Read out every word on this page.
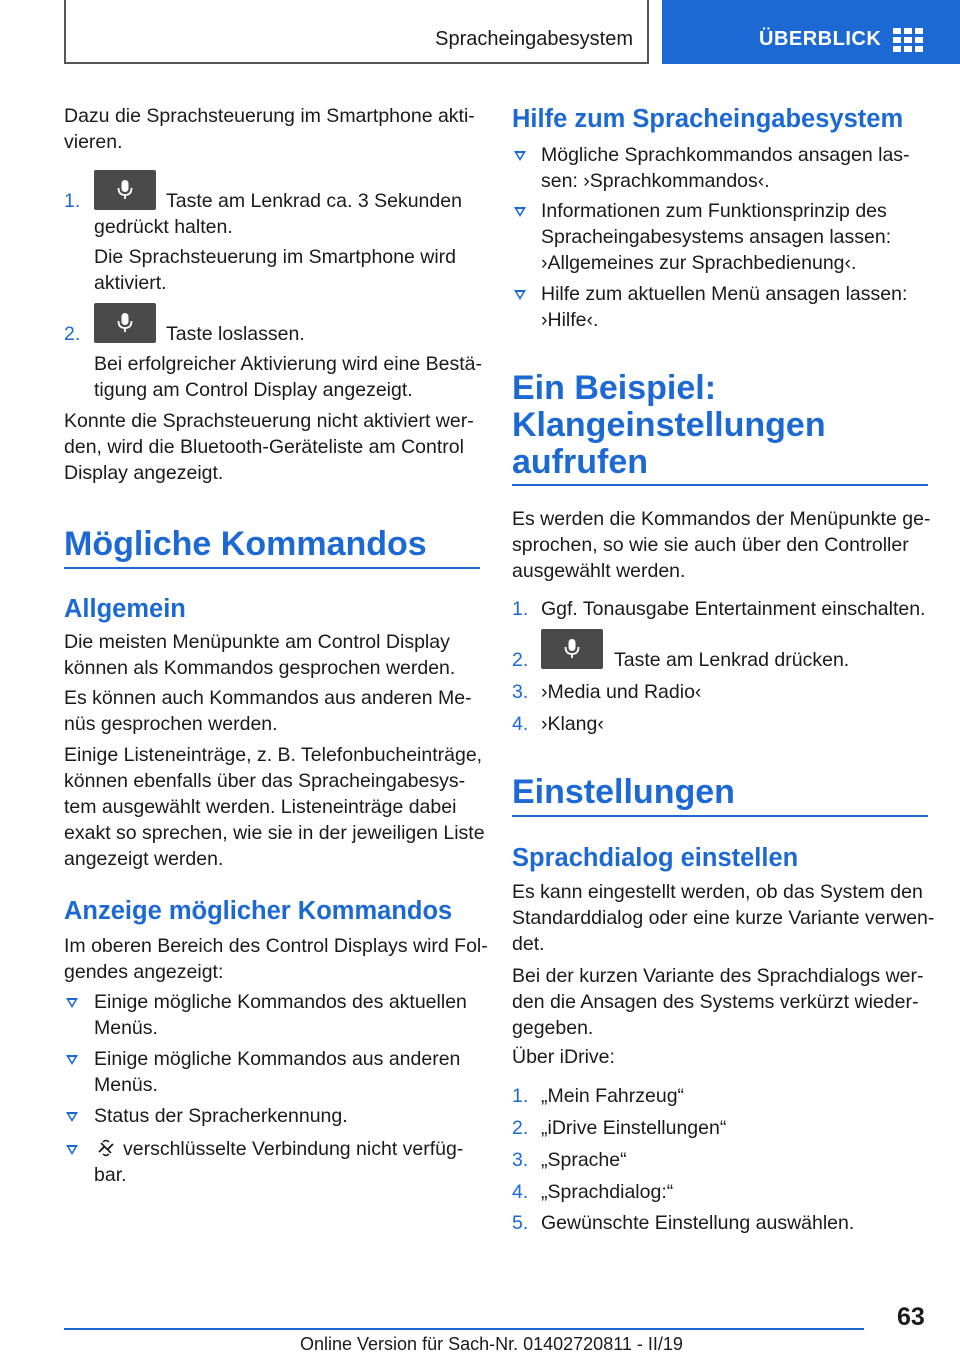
Spracheingabesystem	ÜBERBLICK
Dazu die Sprachsteuerung im Smartphone akti-
vieren.
1.	Taste am Lenkrad ca. 3 Sekunden
gedrückt halten.
Die Sprachsteuerung im Smartphone wird
aktiviert.
2.	Taste loslassen.
Bei erfolgreicher Aktivierung wird eine Bestä-
tigung am Control Display angezeigt.
Konnte die Sprachsteuerung nicht aktiviert wer-
den, wird die Bluetooth-Geräteliste am Control
Display angezeigt.
Mögliche Kommandos
Allgemein
Die meisten Menüpunkte am Control Display
können als Kommandos gesprochen werden.
Es können auch Kommandos aus anderen Me-
nüs gesprochen werden.
Einige Listeneinträge, z. B. Telefonbucheinträge,
können ebenfalls über das Spracheingabesys-
tem ausgewählt werden. Listeneinträge dabei
exakt so sprechen, wie sie in der jeweiligen Liste
angezeigt werden.
Anzeige möglicher Kommandos
Im oberen Bereich des Control Displays wird Fol-
gendes angezeigt:
Einige mögliche Kommandos des aktuellen
Menüs.
Einige mögliche Kommandos aus anderen
Menüs.
Status der Spracherkennung.
verschlüsselte Verbindung nicht verfüg-
bar.
Hilfe zum Spracheingabesystem
Mögliche Sprachkommandos ansagen las-
sen: ›Sprachkommandos‹.
Informationen zum Funktionsprinzip des
Spracheingabesystems ansagen lassen:
›Allgemeines zur Sprachbedienung‹.
Hilfe zum aktuellen Menü ansagen lassen:
›Hilfe‹.
Ein Beispiel:
Klangeinstellungen
aufrufen
Es werden die Kommandos der Menüpunkte ge-
sprochen, so wie sie auch über den Controller
ausgewählt werden.
1. Ggf. Tonausgabe Entertainment einschalten.
2.	Taste am Lenkrad drücken.
3. ›Media und Radio‹
4. ›Klang‹
Einstellungen
Sprachdialog einstellen
Es kann eingestellt werden, ob das System den
Standarddialog oder eine kurze Variante verwen-
det.
Bei der kurzen Variante des Sprachdialogs wer-
den die Ansagen des Systems verkürzt wieder-
gegeben.
Über iDrive:
1. „Mein Fahrzeug“
2. „iDrive Einstellungen“
3. „Sprache“
4. „Sprachdialog:“
5. Gewünschte Einstellung auswählen.
63
Online Version für Sach-Nr. 01402720811 - II/19
